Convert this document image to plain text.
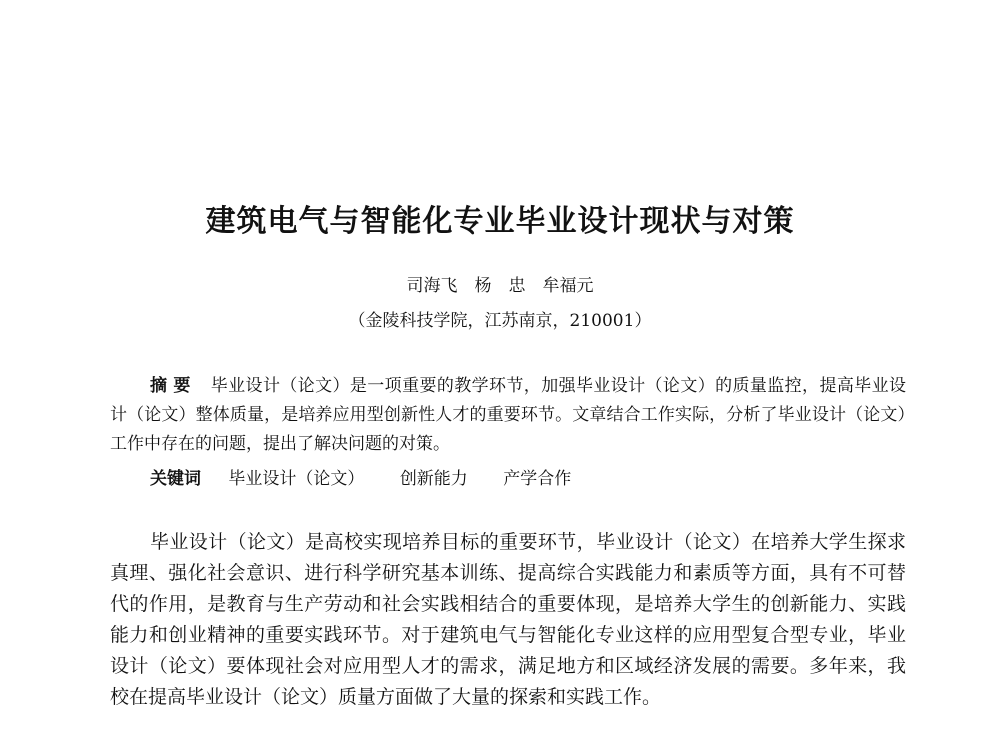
建筑电气与智能化专业毕业设计现状与对策
司海飞　杨　忠　牟福元
（金陵科技学院，江苏南京，210001）

摘要 毕业设计（论文）是一项重要的教学环节，加强毕业设计（论文）的质量监控，提高毕业设计（论文）整体质量，是培养应用型创新性人才的重要环节。文章结合工作实际，分析了毕业设计（论文）工作中存在的问题，提出了解决问题的对策。

关键词 毕业设计（论文） 创新能力 产学合作

毕业设计（论文）是高校实现培养目标的重要环节，毕业设计（论文）在培养大学生探求真理、强化社会意识、进行科学研究基本训练、提高综合实践能力和素质等方面，具有不可替代的作用，是教育与生产劳动和社会实践相结合的重要体现，是培养大学生的创新能力、实践能力和创业精神的重要实践环节。对于建筑电气与智能化专业这样的应用型复合型专业，毕业设计（论文）要体现社会对应用型人才的需求，满足地方和区域经济发展的需要。多年来，我校在提高毕业设计（论文）质量方面做了大量的探索和实践工作。
